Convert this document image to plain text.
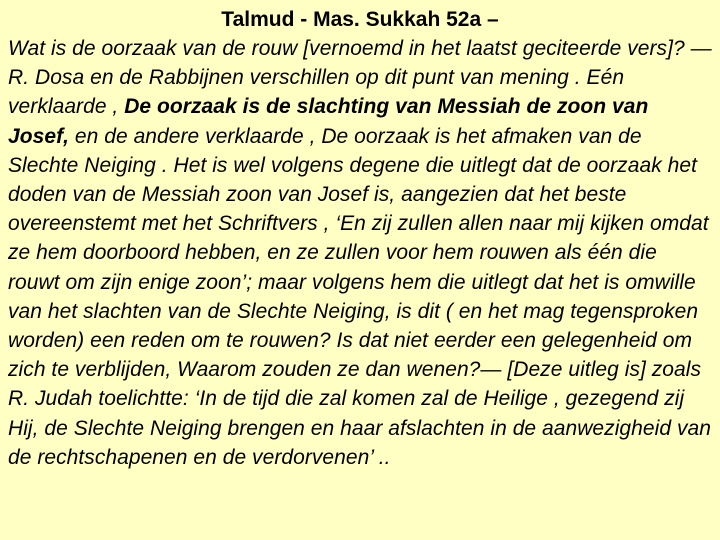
Talmud - Mas. Sukkah 52a –

Wat is de oorzaak van de rouw [vernoemd in het laatst geciteerde vers]? — R. Dosa en de Rabbijnen verschillen op dit punt van mening . Eén verklaarde , De oorzaak is de slachting van Messiah de zoon van Josef, en de andere verklaarde , De oorzaak is het afmaken van de Slechte Neiging . Het is wel volgens degene die uitlegt dat de oorzaak het doden van de Messiah zoon van Josef is, aangezien dat het beste overeenstemt met het Schriftvers , ‘En zij zullen allen naar mij kijken omdat ze hem doorboord hebben, en ze zullen voor hem rouwen als één die rouwt om zijn enige zoon’; maar volgens hem die uitlegt dat het is omwille van het slachten van de Slechte Neiging, is dit ( en het mag tegensproken worden) een reden om te rouwen? Is dat niet eerder een gelegenheid om zich te verblijden, Waarom zouden ze dan wenen?— [Deze uitleg is] zoals R. Judah toelichtte: ‘In de tijd die zal komen zal de Heilige , gezegend zij Hij, de Slechte Neiging brengen en haar afslachten in de aanwezigheid van de rechtschapenen en de verdorvenen’ ..
